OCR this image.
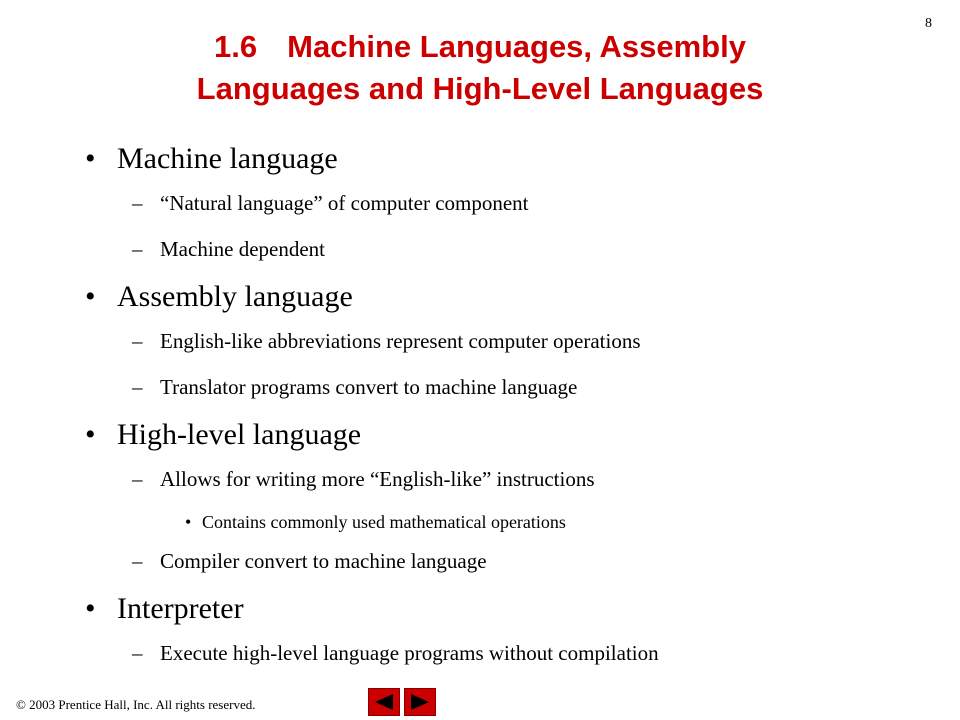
8
1.6 Machine Languages, Assembly
Languages and High-Level Languages
• Machine language
– “Natural language” of computer component
– Machine dependent
• Assembly language
– English-like abbreviations represent computer operations
– Translator programs convert to machine language
• High-level language
– Allows for writing more “English-like” instructions
• Contains commonly used mathematical operations
– Compiler convert to machine language
• Interpreter
– Execute high-level language programs without compilation
© 2003 Prentice Hall, Inc. All rights reserved.
